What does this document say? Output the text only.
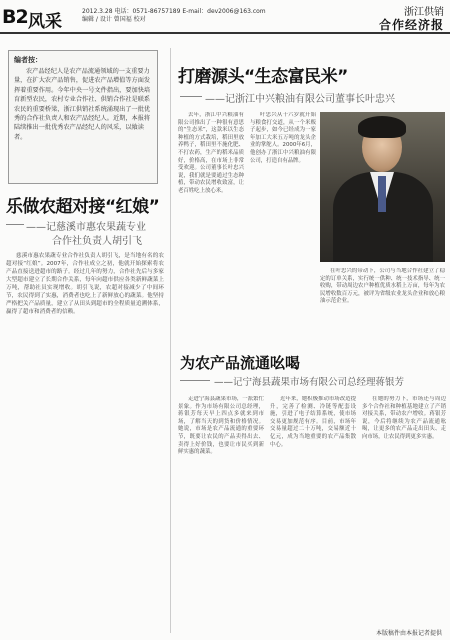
B2 风采
2012.3.28 电话：0571-86757189 E-mail：dev2006@163.com
编辑 / 设计 曾国福 校对
浙江供销
合作经济报
编者按：
农产品经纪人是农产品流通领域的一支重要力量，在扩大农产品销售，促进农产品增值等方面发挥着重要作用。今年中央一号文件指出，要加快培育新型农民，农村专业合作社、供销合作社是联系农民的重要桥梁，浙江供销社系统涌现出了一批优秀的合作社负责人和农产品经纪人。近期，本报将陆续推出一批优秀农产品经纪人的风采，以飨读者。
打磨源头“生态富民米”
——记浙江中兴粮油有限公司董事长叶忠兴
去年，浙江中兴粮油有限公司推出了一种很有意思的“生态米”，这款米以生态种植的方式栽培，稻田里放养鸭子，稻田里不施化肥、不打农药，生产的稻米品质好，价格高，在市场上非常受欢迎。公司董事长叶忠兴说，我们就是要通过生态种植，带动农民增收致富，让老百姓吃上放心米。
叶忠兴从十六岁就开始与粮食打交道，从一个米贩子起步，如今已经成为一家年加工大米五万吨的龙头企业的掌舵人。2000年6月，他创办了浙江中兴粮油有限公司，打造自有品牌。
在叶忠兴的带动下，公司与当地合作社建立了稳定的订单关系，实行统一供种、统一技术指导、统一收购，带动周边农户种植优质水稻上万亩，每年为农民增收数百万元，被评为省级农业龙头企业和放心粮油示范企业。
乐做农超对接“红娘”
——记慈溪市惠农果蔬专业
合作社负责人胡引飞
慈溪市惠农果蔬专业合作社负责人胡引飞，是当地有名的农超对接“红娘”。2007年，合作社成立之初，他就开始探索将农产品直接送进超市的路子。经过几年的努力，合作社先后与多家大型超市建立了长期合作关系，每年向超市供应各类新鲜蔬菜上万吨，帮助社员实现增收。胡引飞说，农超对接减少了中间环节，农民得到了实惠，消费者也吃上了新鲜放心的蔬菜。他坚持严格把关产品质量，建立了从田头到超市的全程质量追溯体系，赢得了超市和消费者的信赖。
为农产品流通吆喝
——记宁海县蔬果市场有限公司总经理蒋银芳
走进宁海县蔬果市场，一派繁忙景象。作为市场有限公司总经理，蒋银芳每天早上四点多就来到市场，了解当天的到货和价格情况。她说，市场是农产品流通的重要环节，既要让农民的产品卖得出去、卖得上好价钱，也要让市民买到新鲜实惠的蔬菜。
近年来，她积极推动市场改造提升，完善了检测、冷链等配套设施，引进了电子结算系统，使市场交易更加规范有序。目前，市场年交易量超过二十万吨，交易额近十亿元，成为当地重要的农产品集散中心。
在她的努力下，市场还与周边多个合作社和种植基地建立了产销对接关系，带动农户增收。蒋银芳说，今后将继续为农产品流通吆喝，让更多的农产品走出田头、走向市场，让农民得到更多实惠。
本版稿件由本报记者提供
